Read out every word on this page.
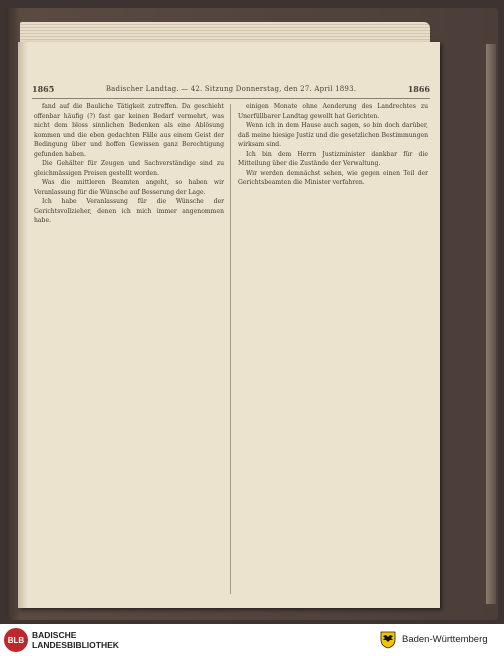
1865	Badischer Landtag. — 42. Sitzung Donnerstag, den 27. April 1893.	1866

fand auf die Bauliche Tätigkeit zutreffen. Da geschieht offenbar häufig (?) fast gar keinen Bedarf vermehrt, was nicht dem bloss sinnlichen Bedenken als eine Ablösung kommen und die eben gedachten Fälle aus einem Geist der Bedingung über und hoffen Gewissen ganz Berechtigung gefunden haben.

Die Gehälter für Zeugen und Sachverständige sind zu gleichmässigen Preisen gestellt worden.

Was die mittleren Beamten angeht, so haben wir Veranlassung für die Wünsche auf Besserung der Lage.

Ich habe Veranlassung für die Wünsche der Gerichtsvollzieher, denen ich mich immer angenommen habe.

einigen Monate ohne Aenderung des Landrechtes zu Unerfüllbarer Landtag gewollt hat Gerichten.

Wenn ich in dem Hause auch sagen, so bin doch darüber, daß meine hiesige Justiz und die gesetzlichen Bestimmungen wirksam sind.

Ich bin dem Herrn Justizminister dankbar für die Mitteilung über die Zustände der Verwaltung.

Wir werden demnächst sehen, wie gegen einen Teil der Gerichtsbeamten die Minister verfahren.

BLB BADISCHE
LANDESBIBLIOTHEK	Baden-Württemberg
